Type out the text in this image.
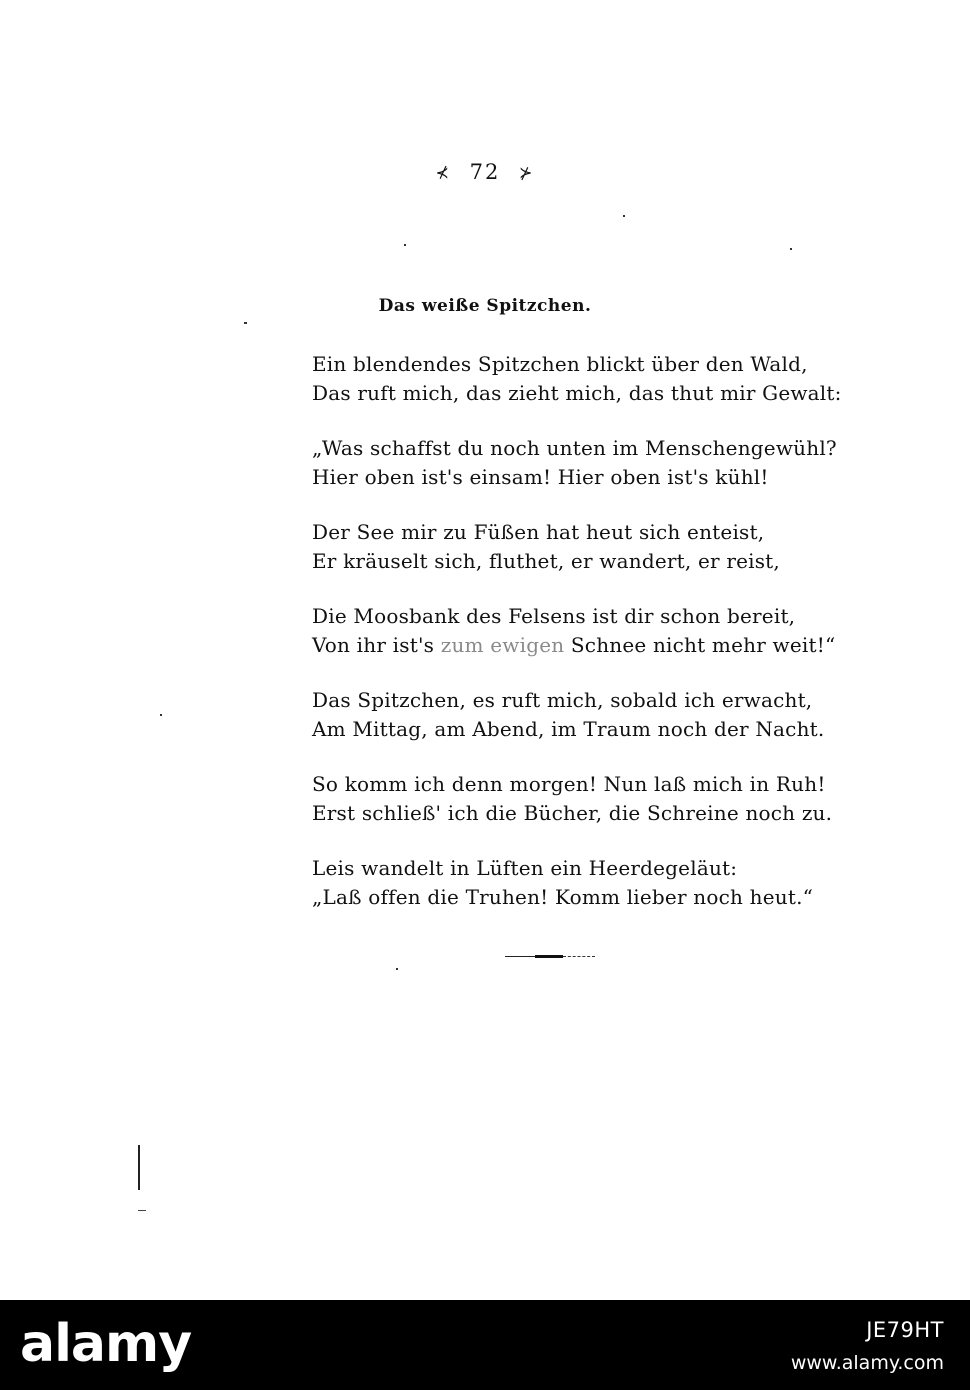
⊀ 72 ⊁
Das weiße Spitzchen.
Ein blendendes Spitzchen blickt über den Wald,
Das ruft mich, das zieht mich, das thut mir Gewalt:
„Was schaffst du noch unten im Menschengewühl?
Hier oben ist's einsam! Hier oben ist's kühl!
Der See mir zu Füßen hat heut sich enteist,
Er kräuselt sich, fluthet, er wandert, er reist,
Die Moosbank des Felsens ist dir schon bereit,
Von ihr ist's zum ewigen Schnee nicht mehr weit!“
Das Spitzchen, es ruft mich, sobald ich erwacht,
Am Mittag, am Abend, im Traum noch der Nacht.
So komm ich denn morgen! Nun laß mich in Ruh!
Erst schließ' ich die Bücher, die Schreine noch zu.
Leis wandelt in Lüften ein Heerdegeläut:
„Laß offen die Truhen! Komm lieber noch heut.“
alamy	JE79HT
www.alamy.com
